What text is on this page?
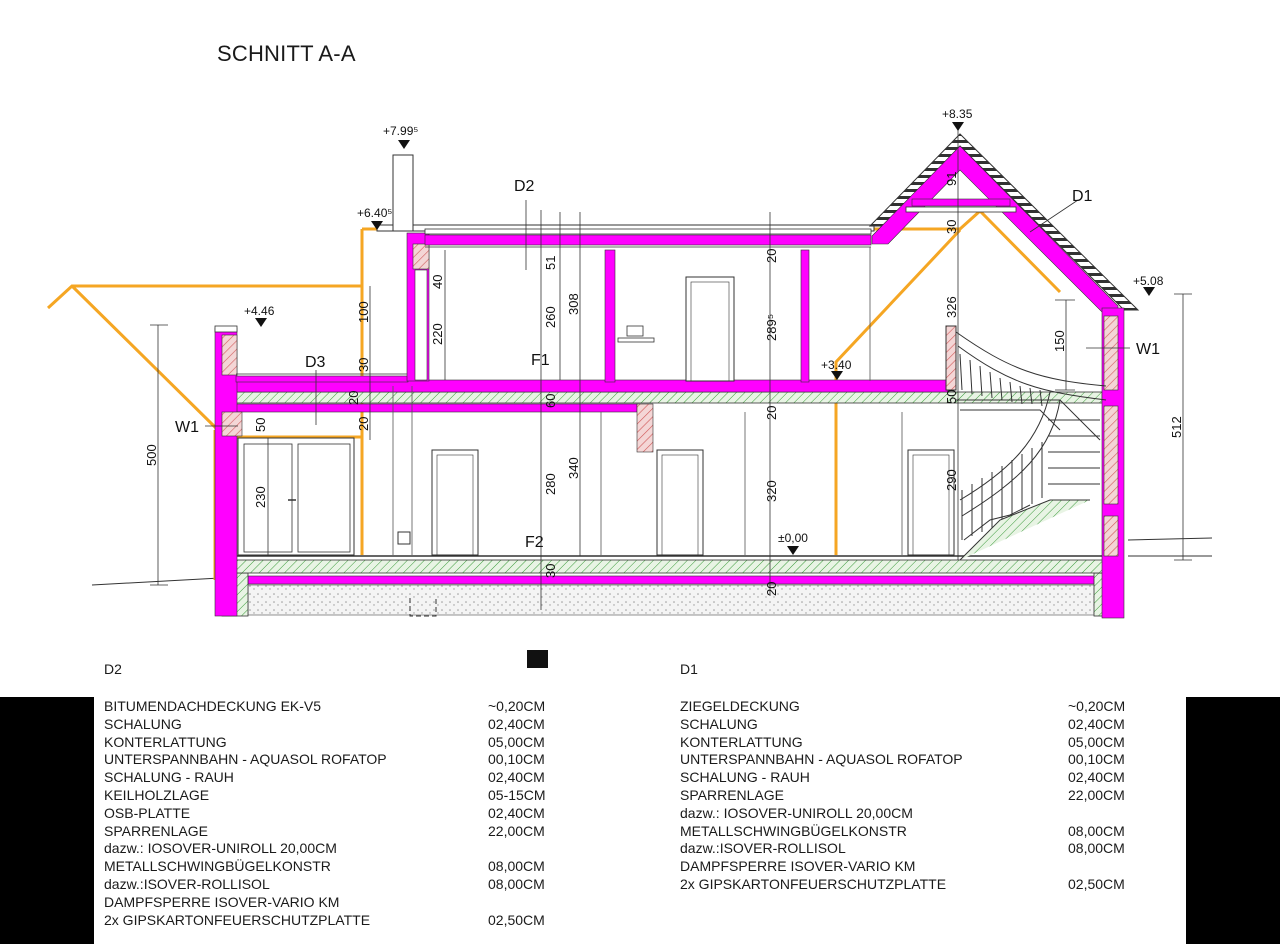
SCHNITT A-A
D2
D1
D3	F1
F2
W1
W1
+7.99⁵
+6.40⁵
+4.46
+8.35
+5.08
+3.40
±0,00
500
512
230
50
20
20
30
100
220
40
51
260
308
60
280
340
30
20
289⁵
20
320
20
91
30
326
150
290
50
D2
BITUMENDACHDECKUNG EK-V5	~0,20CM
SCHALUNG	02,40CM
KONTERLATTUNG	05,00CM
UNTERSPANNBAHN - AQUASOL ROFATOP	00,10CM
SCHALUNG - RAUH	02,40CM
KEILHOLZLAGE	05-15CM
OSB-PLATTE	02,40CM
SPARRENLAGE	22,00CM
dazw.: IOSOVER-UNIROLL 20,00CM
METALLSCHWINGBÜGELKONSTR	08,00CM
dazw.:ISOVER-ROLLISOL	08,00CM
DAMPFSPERRE ISOVER-VARIO KM
2x GIPSKARTONFEUERSCHUTZPLATTE	02,50CM
D1
ZIEGELDECKUNG	~0,20CM
SCHALUNG	02,40CM
KONTERLATTUNG	05,00CM
UNTERSPANNBAHN - AQUASOL ROFATOP	00,10CM
SCHALUNG - RAUH	02,40CM
SPARRENLAGE	22,00CM
dazw.: IOSOVER-UNIROLL 20,00CM
METALLSCHWINGBÜGELKONSTR	08,00CM
dazw.:ISOVER-ROLLISOL	08,00CM
DAMPFSPERRE ISOVER-VARIO KM
2x GIPSKARTONFEUERSCHUTZPLATTE	02,50CM
